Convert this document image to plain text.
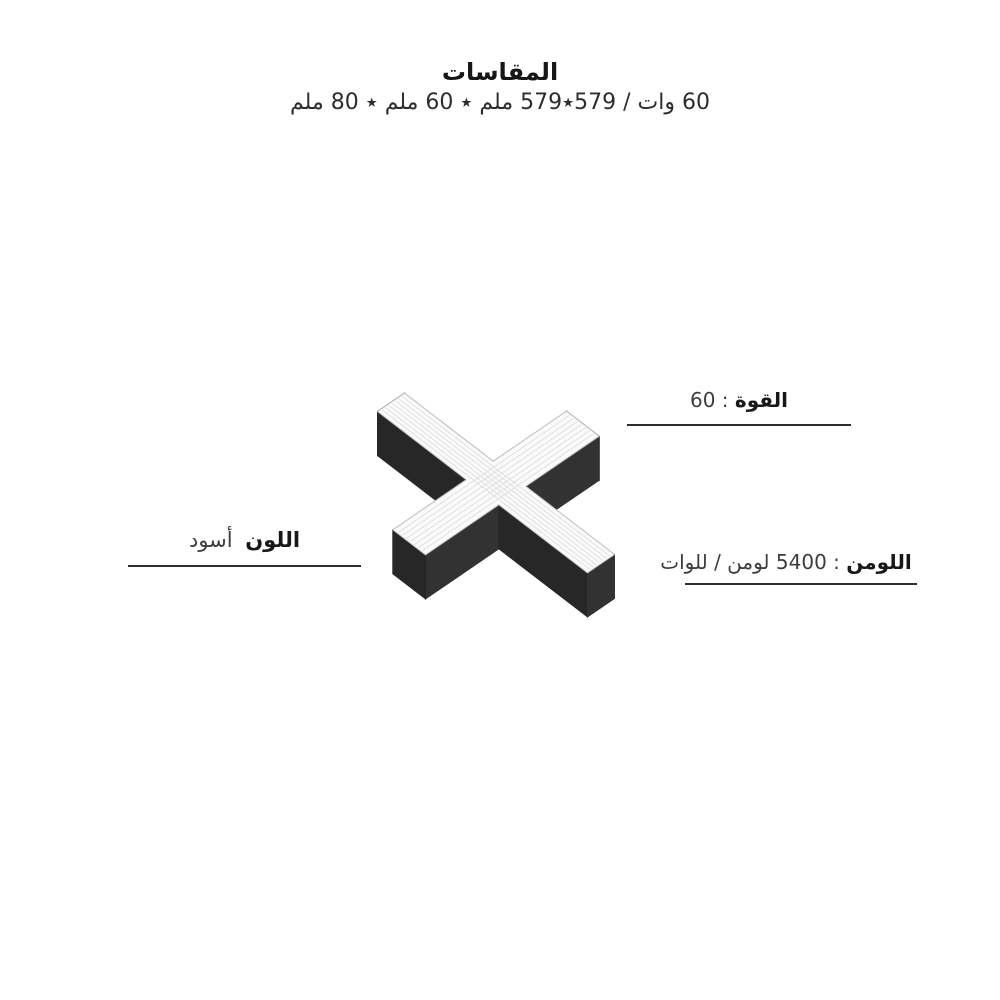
المقاسات
60 وات / 579٭579 ملم ٭ 60 ملم ٭ 80 ملم
القوة : 60
اللون أسود
اللومن : 5400 لومن / للوات
